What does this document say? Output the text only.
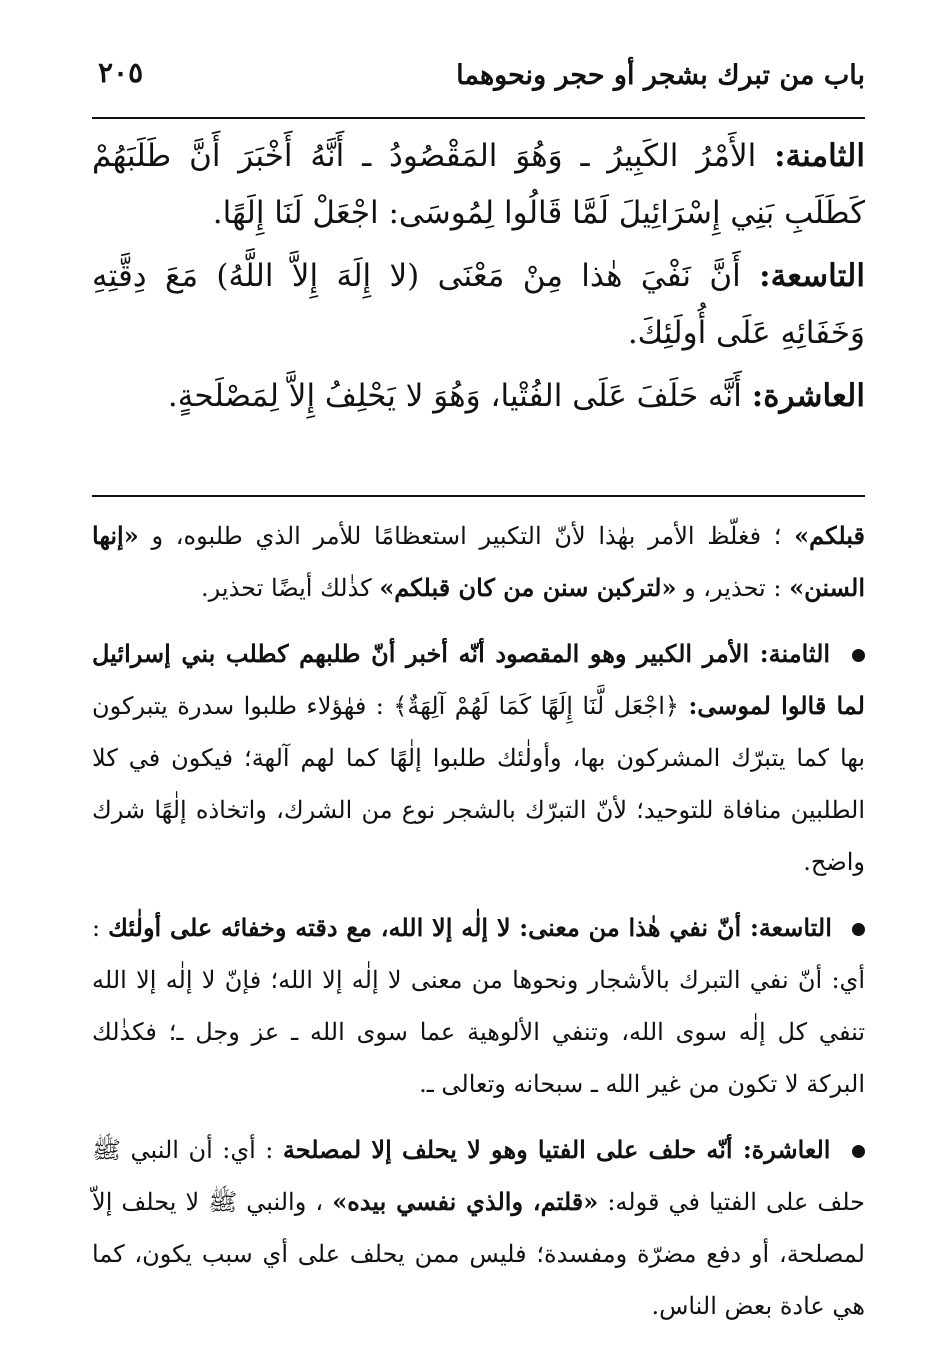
باب من تبرك بشجر أو حجر ونحوهما
٢٠٥

الثامنة: الأَمْرُ الكَبِيرُ ـ وَهُوَ المَقْصُودُ ـ أَنَّهُ أَخْبَرَ أَنَّ طَلَبَهُمْ كَطَلَبِ بَنِي إِسْرَائِيلَ لَمَّا قَالُوا لِمُوسَى: اجْعَلْ لَنَا إِلَهًا.

التاسعة: أَنَّ نَفْيَ هٰذا مِنْ مَعْنَى (لا إِلَهَ إِلاَّ اللَّهُ) مَعَ دِقَّتِهِ وَخَفَائِهِ عَلَى أُولَئِكَ.

العاشرة: أَنَّه حَلَفَ عَلَى الفُتْيا، وَهُوَ لا يَحْلِفُ إِلاَّ لِمَصْلَحةٍ.

قبلكم» ؛ فغلّظ الأمر بهٰذا لأنّ التكبير استعظامًا للأمر الذي طلبوه، و «إنها السنن» : تحذير، و «لتركبن سنن من كان قبلكم» كذٰلك أيضًا تحذير.

الثامنة: الأمر الكبير وهو المقصود أنّه أخبر أنّ طلبهم كطلب بني إسرائيل لما قالوا لموسى: ﴿اجْعَل لَّنَا إِلَهًا كَمَا لَهُمْ آلِهَةٌ﴾ : فهٰؤلاء طلبوا سدرة يتبركون بها كما يتبرّك المشركون بها، وأولٰئك طلبوا إلٰهًا كما لهم آلهة؛ فيكون في كلا الطلبين منافاة للتوحيد؛ لأنّ التبرّك بالشجر نوع من الشرك، واتخاذه إلٰهًا شرك واضح.

التاسعة: أنّ نفي هٰذا من معنى: لا إلٰه إلا الله، مع دقته وخفائه على أولٰئك : أي: أنّ نفي التبرك بالأشجار ونحوها من معنى لا إلٰه إلا الله؛ فإنّ لا إلٰه إلا الله تنفي كل إلٰه سوى الله، وتنفي الألوهية عما سوى الله ـ عز وجل ـ؛ فكذٰلك البركة لا تكون من غير الله ـ سبحانه وتعالى ـ.

العاشرة: أنّه حلف على الفتيا وهو لا يحلف إلا لمصلحة : أي: أن النبي ﷺ حلف على الفتيا في قوله: «قلتم، والذي نفسي بيده» ، والنبي ﷺ لا يحلف إلاّ لمصلحة، أو دفع مضرّة ومفسدة؛ فليس ممن يحلف على أي سبب يكون، كما هي عادة بعض الناس.
